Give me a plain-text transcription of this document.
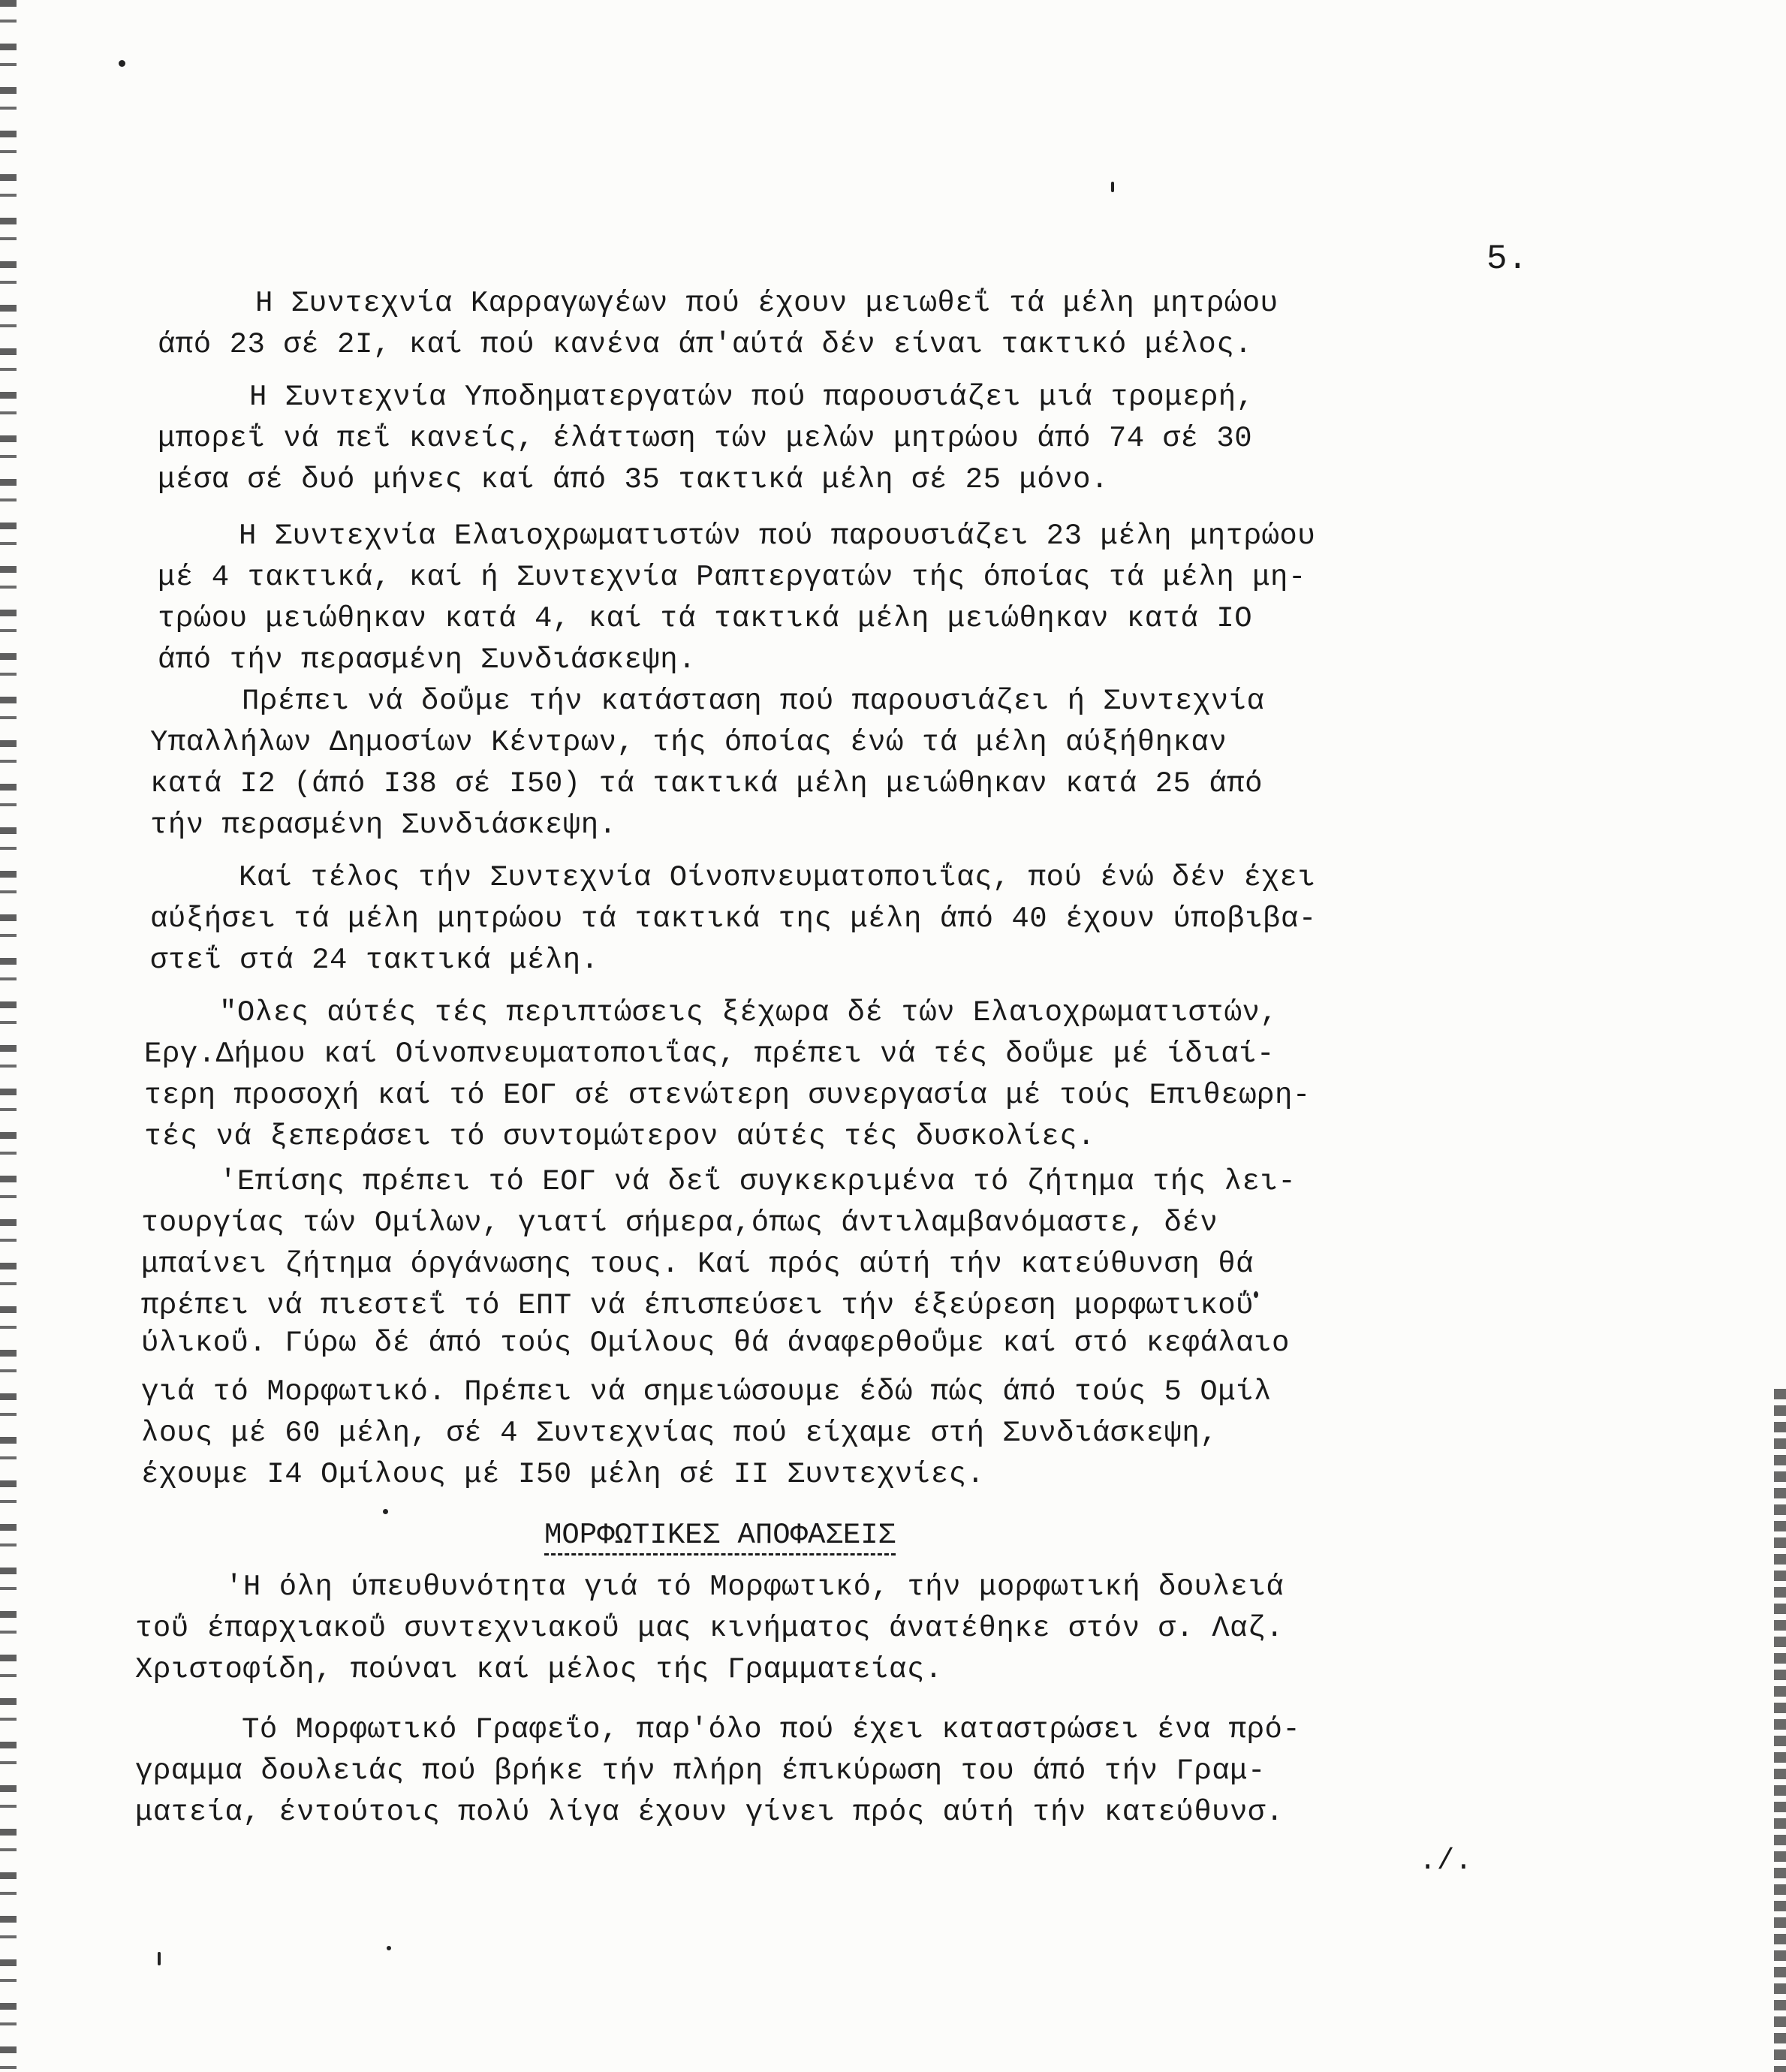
5.
Η Συντεχνία Καρραγωγέων πού έχουν μειωθεΐ τά μέλη μητρώου
άπό 23 σέ 2Ι, καί πού κανένα άπ'αύτά δέν είναι τακτικό μέλος.
Η Συντεχνία Υποδηματεργατών πού παρουσιάζει μιά τρομερή,
μπορεΐ νά πεΐ κανείς, έλάττωση τών μελών μητρώου άπό 74 σέ 30
μέσα σέ δυό μήνες καί άπό 35 τακτικά μέλη σέ 25 μόνο.
Η Συντεχνία Ελαιοχρωματιστών πού παρουσιάζει 23 μέλη μητρώου
μέ 4 τακτικά, καί ή Συντεχνία Ραπτεργατών τής όποίας τά μέλη μη-
τρώου μειώθηκαν κατά 4, καί τά τακτικά μέλη μειώθηκαν κατά ΙΟ
άπό τήν περασμένη Συνδιάσκεψη.
Πρέπει νά δοΰμε τήν κατάσταση πού παρουσιάζει ή Συντεχνία
Υπαλλήλων Δημοσίων Κέντρων, τής όποίας ένώ τά μέλη αύξήθηκαν
κατά Ι2 (άπό Ι38 σέ Ι50) τά τακτικά μέλη μειώθηκαν κατά 25 άπό
τήν περασμένη Συνδιάσκεψη.
Καί τέλος τήν Συντεχνία Οίνοπνευματοποιΐας, πού ένώ δέν έχει
αύξήσει τά μέλη μητρώου τά τακτικά της μέλη άπό 40 έχουν ύποβιβα-
στεΐ στά 24 τακτικά μέλη.
"Ολες αύτές τές περιπτώσεις ξέχωρα δέ τών Ελαιοχρωματιστών,
Εργ.Δήμου καί Οίνοπνευματοποιΐας, πρέπει νά τές δοΰμε μέ ίδιαί-
τερη προσοχή καί τό ΕΟΓ σέ στενώτερη συνεργασία μέ τούς Επιθεωρη-
τές νά ξεπεράσει τό συντομώτερον αύτές τές δυσκολίες.
'Επίσης πρέπει τό ΕΟΓ νά δεΐ συγκεκριμένα τό ζήτημα τής λει-
τουργίας τών Ομίλων, γιατί σήμερα,όπως άντιλαμβανόμαστε, δέν
μπαίνει ζήτημα όργάνωσης τους. Καί πρός αύτή τήν κατεύθυνση θά
πρέπει νά πιεστεΐ τό ΕΠΤ νά έπισπεύσει τήν έξεύρεση μορφωτικοΰ
ύλικοΰ. Γύρω δέ άπό τούς Ομίλους θά άναφερθοΰμε καί στό κεφάλαιο
γιά τό Μορφωτικό. Πρέπει νά σημειώσουμε έδώ πώς άπό τούς 5 Ομίλ
λους μέ 60 μέλη, σέ 4 Συντεχνίας πού είχαμε στή Συνδιάσκεψη,
έχουμε Ι4 Ομίλους μέ Ι50 μέλη σέ ΙΙ Συντεχνίες.
ΜΟΡΦΩΤΙΚΕΣ ΑΠΟΦΑΣΕΙΣ
'Η όλη ύπευθυνότητα γιά τό Μορφωτικό, τήν μορφωτική δουλειά
τοΰ έπαρχιακοΰ συντεχνιακοΰ μας κινήματος άνατέθηκε στόν σ. Λαζ.
Χριστοφίδη, πούναι καί μέλος τής Γραμματείας.
Τό Μορφωτικό Γραφεΐο, παρ'όλο πού έχει καταστρώσει ένα πρό-
γραμμα δουλειάς πού βρήκε τήν πλήρη έπικύρωση του άπό τήν Γραμ-
ματεία, έντούτοις πολύ λίγα έχουν γίνει πρός αύτή τήν κατεύθυνσ.
./.
